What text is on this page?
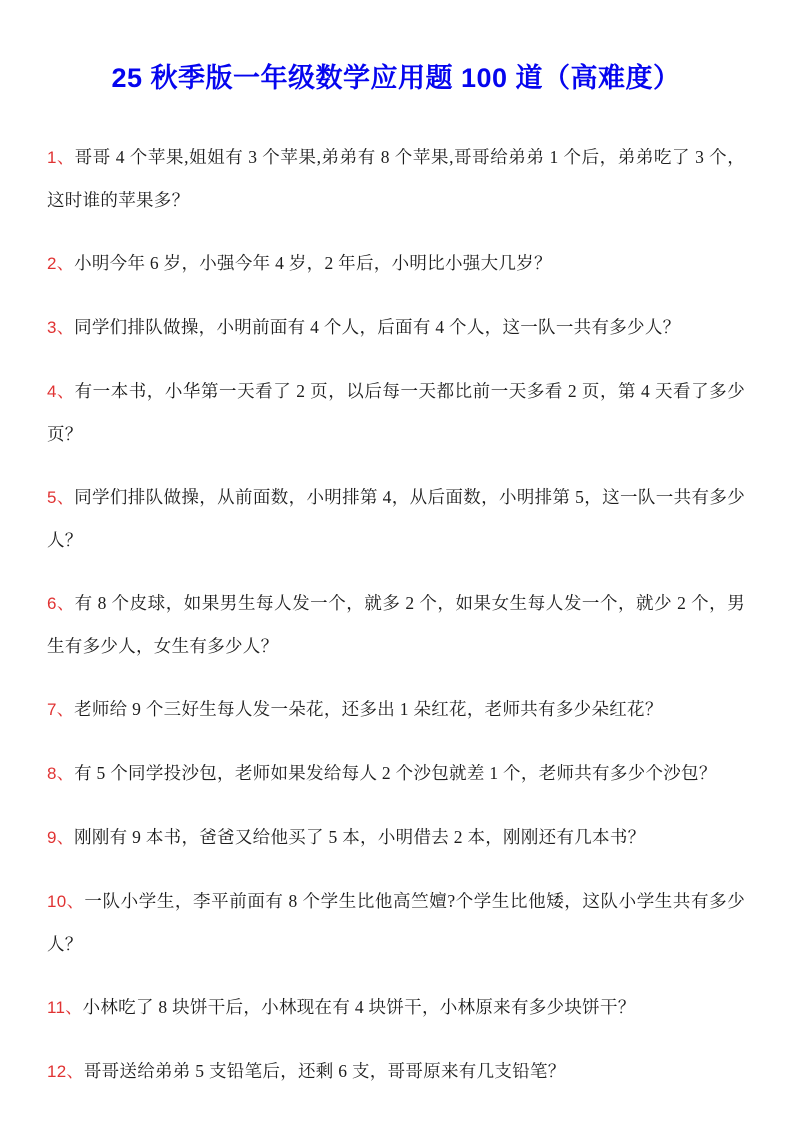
25 秋季版一年级数学应用题 100 道（高难度）

1、哥哥 4 个苹果,姐姐有 3 个苹果,弟弟有 8 个苹果,哥哥给弟弟 1 个后，弟弟吃了 3 个，这时谁的苹果多？

2、小明今年 6 岁，小强今年 4 岁，2 年后，小明比小强大几岁？

3、同学们排队做操，小明前面有 4 个人，后面有 4 个人，这一队一共有多少人？

4、有一本书，小华第一天看了 2 页，以后每一天都比前一天多看 2 页，第 4 天看了多少页？

5、同学们排队做操，从前面数，小明排第 4，从后面数，小明排第 5，这一队一共有多少人？

6、有 8 个皮球，如果男生每人发一个，就多 2 个，如果女生每人发一个，就少 2 个，男生有多少人，女生有多少人？

7、老师给 9 个三好生每人发一朵花，还多出 1 朵红花，老师共有多少朵红花？

8、有 5 个同学投沙包，老师如果发给每人 2 个沙包就差 1 个，老师共有多少个沙包？

9、刚刚有 9 本书，爸爸又给他买了 5 本，小明借去 2 本，刚刚还有几本书？

10、一队小学生，李平前面有 8 个学生比他高竺嬗?个学生比他矮，这队小学生共有多少人？

11、小林吃了 8 块饼干后，小林现在有 4 块饼干，小林原来有多少块饼干？

12、哥哥送给弟弟 5 支铅笔后，还剩 6 支，哥哥原来有几支铅笔？
